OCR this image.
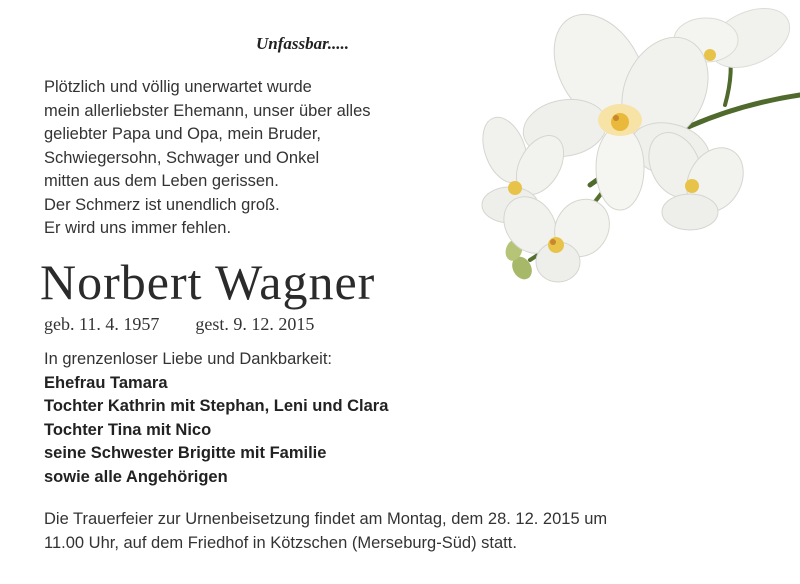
Unfassbar.....
Plötzlich und völlig unerwartet wurde
mein allerliebster Ehemann, unser über alles
geliebter Papa und Opa, mein Bruder,
Schwiegersohn, Schwager und Onkel
mitten aus dem Leben gerissen.
Der Schmerz ist unendlich groß.
Er wird uns immer fehlen.
Norbert Wagner
geb. 11. 4. 1957 gest. 9. 12. 2015
In grenzenloser Liebe und Dankbarkeit:
Ehefrau Tamara
Tochter Kathrin mit Stephan, Leni und Clara
Tochter Tina mit Nico
seine Schwester Brigitte mit Familie
sowie alle Angehörigen
Die Trauerfeier zur Urnenbeisetzung findet am Montag, dem 28. 12. 2015 um
11.00 Uhr, auf dem Friedhof in Kötzschen (Merseburg-Süd) statt.
